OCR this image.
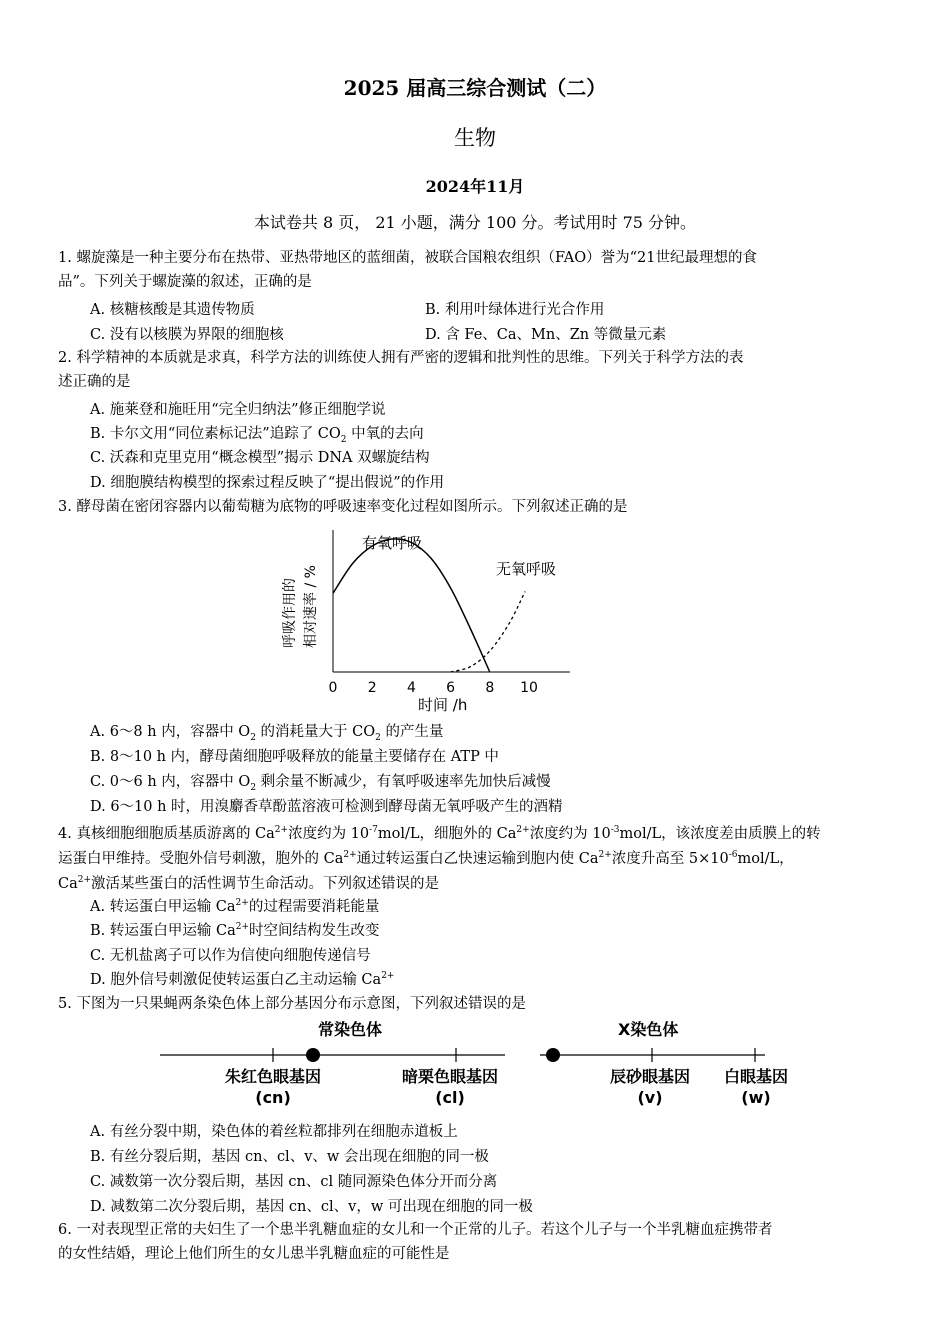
2025 届高三综合测试（二）
生物
2024年11月
本试卷共 8 页， 21 小题，满分 100 分。考试用时 75 分钟。
1. 螺旋藻是一种主要分布在热带、亚热带地区的蓝细菌，被联合国粮农组织（FAO）誉为“21世纪最理想的食
品”。下列关于螺旋藻的叙述，正确的是
A. 核糖核酸是其遗传物质	B. 利用叶绿体进行光合作用
C. 没有以核膜为界限的细胞核	D. 含 Fe、Ca、Mn、Zn 等微量元素
2. 科学精神的本质就是求真，科学方法的训练使人拥有严密的逻辑和批判性的思维。下列关于科学方法的表
述正确的是
A. 施莱登和施旺用“完全归纳法”修正细胞学说
B. 卡尔文用“同位素标记法”追踪了 $CO_2$ 中氧的去向
C. 沃森和克里克用“概念模型”揭示 DNA 双螺旋结构
D. 细胞膜结构模型的探索过程反映了“提出假说”的作用
3. 酵母菌在密闭容器内以葡萄糖为底物的呼吸速率变化过程如图所示。下列叙述正确的是
0 2 4 6 8 10
有氧呼吸
无氧呼吸
时间 /h
呼吸作用的 相对速率 / %
A. 6～8 h 内，容器中 $O_2$ 的消耗量大于 $CO_2$ 的产生量
B. 8～10 h 内，酵母菌细胞呼吸释放的能量主要储存在 ATP 中
C. 0～6 h 内，容器中 $O_2$ 剩余量不断减少，有氧呼吸速率先加快后减慢
D. 6～10 h 时，用溴麝香草酚蓝溶液可检测到酵母菌无氧呼吸产生的酒精
4. 真核细胞细胞质基质游离的 $Ca^{2+}$浓度约为 $10^{-7}mol/L$，细胞外的 $Ca^{2+}$浓度约为 $10^{-3}mol/L$，该浓度差由质膜上的转
运蛋白甲维持。受胞外信号刺激，胞外的 $Ca^{2+}$通过转运蛋白乙快速运输到胞内使 $Ca^{2+}$浓度升高至 $5\times 10^{-6}mol/L$，
$Ca^{2+}$激活某些蛋白的活性调节生命活动。下列叙述错误的是
A. 转运蛋白甲运输 $Ca^{2+}$的过程需要消耗能量
B. 转运蛋白甲运输 $Ca^{2+}$时空间结构发生改变
C. 无机盐离子可以作为信使向细胞传递信号
D. 胞外信号刺激促使转运蛋白乙主动运输 $Ca^{2+}$
5. 下图为一只果蝇两条染色体上部分基因分布示意图，下列叙述错误的是
常染色体	X染色体
朱红色眼基因
(cn)
暗栗色眼基因
(cl)
辰砂眼基因
(v)
白眼基因
(w)
A. 有丝分裂中期，染色体的着丝粒都排列在细胞赤道板上
B. 有丝分裂后期，基因 cn、cl、v、w 会出现在细胞的同一极
C. 减数第一次分裂后期，基因 cn、cl 随同源染色体分开而分离
D. 减数第二次分裂后期，基因 cn、cl、v，w 可出现在细胞的同一极
6. 一对表现型正常的夫妇生了一个患半乳糖血症的女儿和一个正常的儿子。若这个儿子与一个半乳糖血症携带者
的女性结婚，理论上他们所生的女儿患半乳糖血症的可能性是
